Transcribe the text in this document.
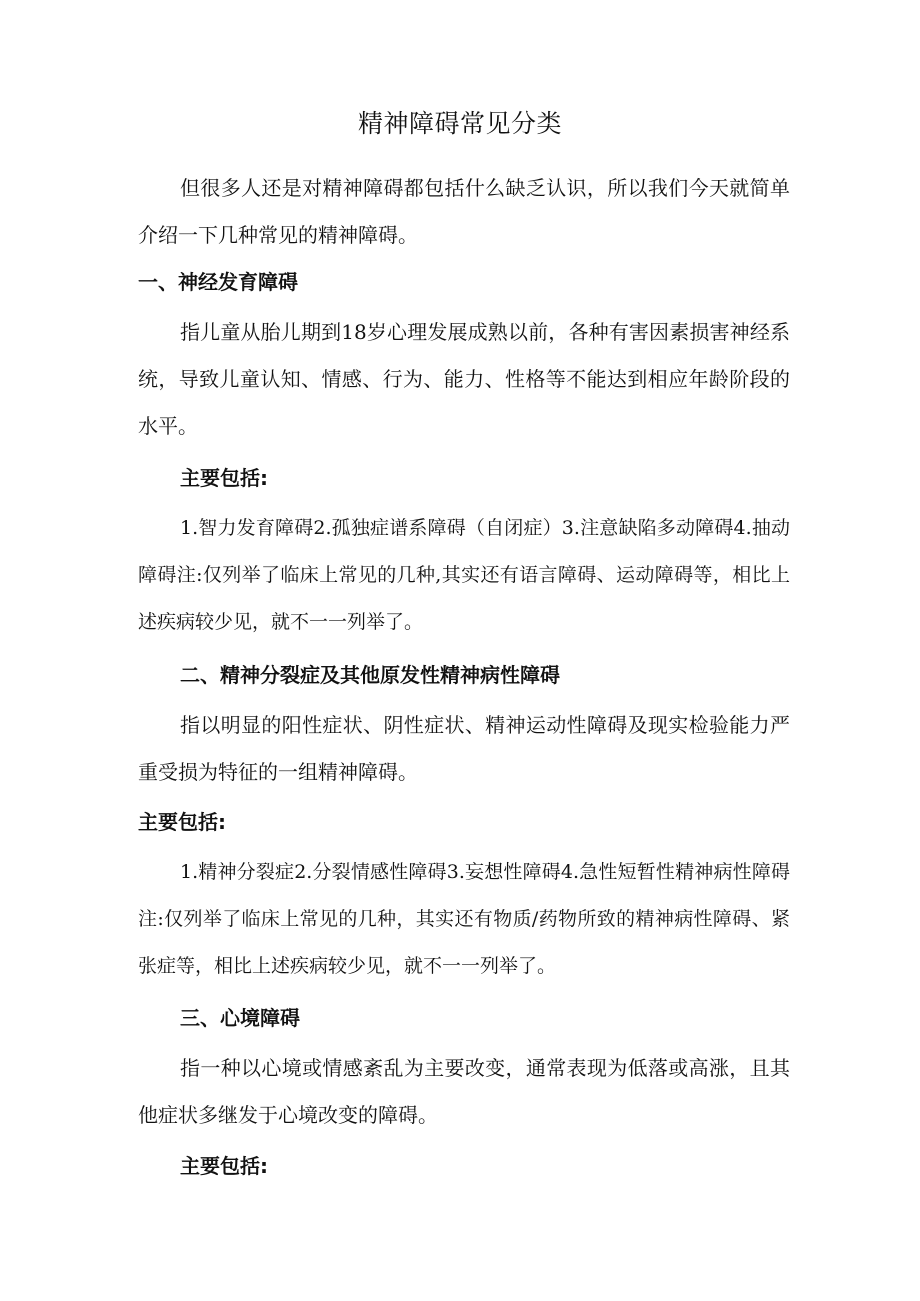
精神障碍常见分类

但很多人还是对精神障碍都包括什么缺乏认识，所以我们今天就简单介绍一下几种常见的精神障碍。

一、神经发育障碍

指儿童从胎儿期到18岁心理发展成熟以前，各种有害因素损害神经系统，导致儿童认知、情感、行为、能力、性格等不能达到相应年龄阶段的水平。

主要包括:

1.智力发育障碍2.孤独症谱系障碍（自闭症）3.注意缺陷多动障碍4.抽动障碍注:仅列举了临床上常见的几种,其实还有语言障碍、运动障碍等，相比上述疾病较少见，就不一一列举了。

二、精神分裂症及其他原发性精神病性障碍

指以明显的阳性症状、阴性症状、精神运动性障碍及现实检验能力严重受损为特征的一组精神障碍。

主要包括:

1.精神分裂症2.分裂情感性障碍3.妄想性障碍4.急性短暂性精神病性障碍注:仅列举了临床上常见的几种，其实还有物质/药物所致的精神病性障碍、紧张症等，相比上述疾病较少见，就不一一列举了。

三、心境障碍

指一种以心境或情感紊乱为主要改变，通常表现为低落或高涨，且其他症状多继发于心境改变的障碍。

主要包括:
